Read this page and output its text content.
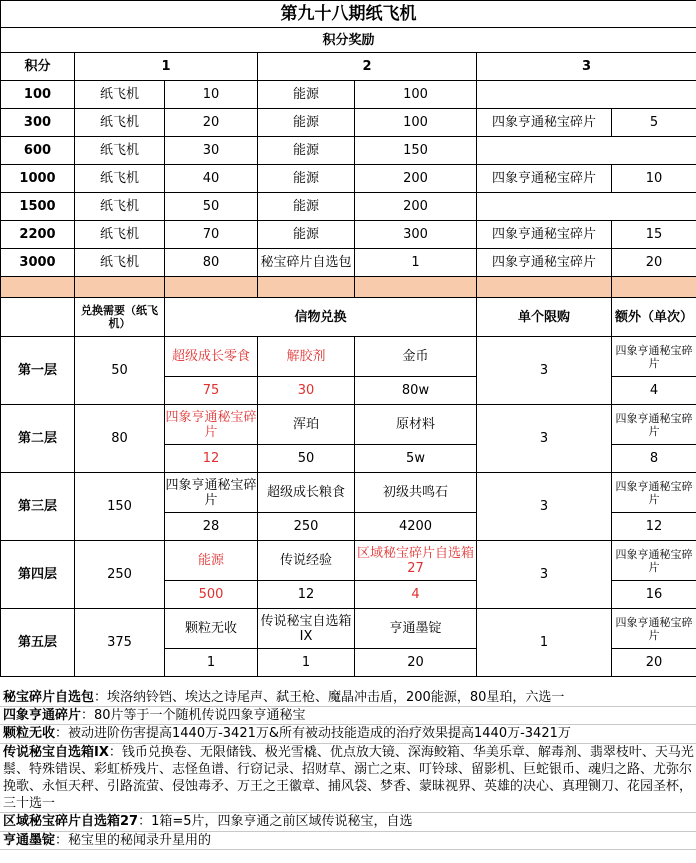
第九十八期纸飞机						
积分奖励						
积分	1		2		3	
100	纸飞机	10	能源	100		
300	纸飞机	20	能源	100	四象亨通秘宝碎片	5
600	纸飞机	30	能源	150		
1000	纸飞机	40	能源	200	四象亨通秘宝碎片	10
1500	纸飞机	50	能源	200		
2200	纸飞机	70	能源	300	四象亨通秘宝碎片	15
3000	纸飞机	80	秘宝碎片自选包	1	四象亨通秘宝碎片	20

	兑换需要（纸飞机）	信物兑换			单个限购	额外（单次）
第一层	50	超级成长零食	解胶剂	金币	3	四象亨通秘宝碎片
		75	30	80w		4
第二层	80	四象亨通秘宝碎片	浑珀	原材料	3	四象亨通秘宝碎片
		12	50	5w		8
第三层	150	四象亨通秘宝碎片	超级成长粮食	初级共鸣石	3	四象亨通秘宝碎片
		28	250	4200		12
第四层	250	能源	传说经验	区域秘宝碎片自选箱27	3	四象亨通秘宝碎片
		500	12	4		16
第五层	375	颗粒无收	传说秘宝自选箱IX	亨通墨锭	1	四象亨通秘宝碎片
		1	1	20		20
秘宝碎片自选包：埃洛纳铃铛、埃达之诗尾声、弑王枪、魔晶冲击盾，200能源，80星珀，六选一
四象亨通碎片：80片等于一个随机传说四象亨通秘宝
颗粒无收：被动进阶伤害提高1440万-3421万&所有被动技能造成的治疗效果提高1440万-3421万
传说秘宝自选箱IX：钱币兑换卷、无限储钱、极光雪橇、优点放大镜、深海鲛箱、华美乐章、解毒剂、翡翠枝叶、天马光鬃、特殊错误、彩虹桥残片、志怪鱼谱、行窃记录、招财草、溺亡之束、叮铃球、留影机、巨蛇银币、魂归之路、尤弥尔挽歌、永恒天秤、引路流萤、侵蚀毒矛、万王之王徽章、捕风袋、梦香、蒙昧视界、英雄的决心、真理铡刀、花园圣杯，三十选一
区域秘宝碎片自选箱27：1箱=5片，四象亨通之前区域传说秘宝，自选
亨通墨锭：秘宝里的秘闻录升星用的
